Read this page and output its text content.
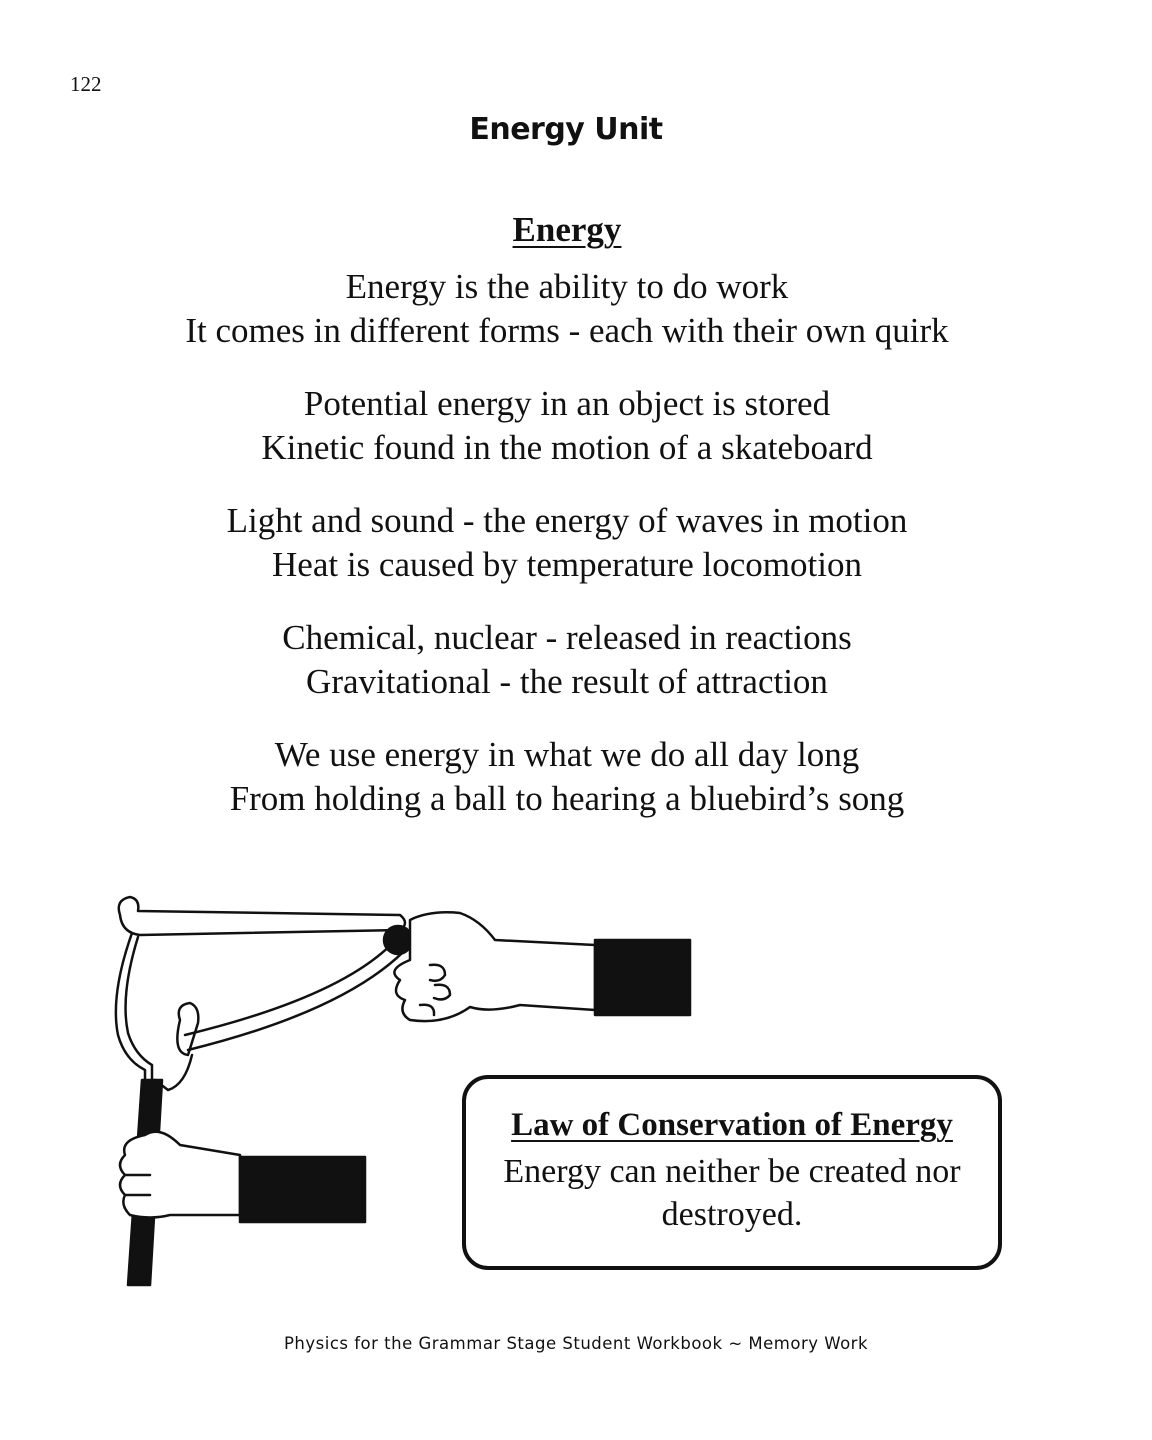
122
Energy Unit
Energy
Energy is the ability to do work
It comes in different forms - each with their own quirk
Potential energy in an object is stored
Kinetic found in the motion of a skateboard
Light and sound - the energy of waves in motion
Heat is caused by temperature locomotion
Chemical, nuclear - released in reactions
Gravitational - the result of attraction
We use energy in what we do all day long
From holding a ball to hearing a bluebird’s song
Law of Conservation of Energy
Energy can neither be created nor destroyed.
Physics for the Grammar Stage Student Workbook ~ Memory Work
